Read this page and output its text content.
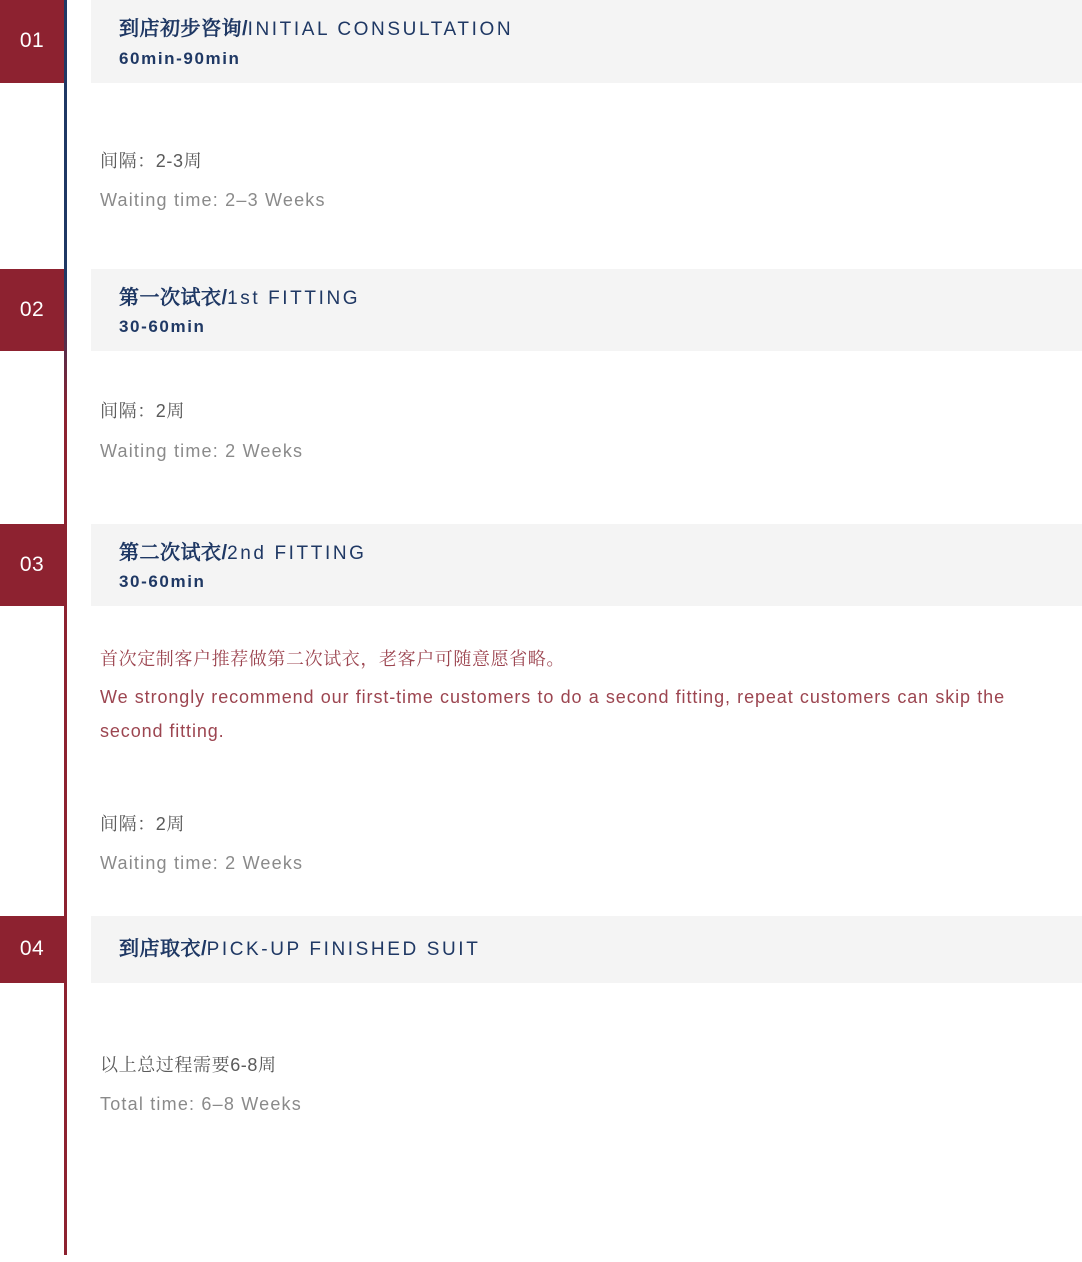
01
到店初步咨询/INITIAL CONSULTATION
60min-90min
间隔：2-3周
Waiting time: 2–3 Weeks
02
第一次试衣/1st FITTING
30-60min
间隔：2周
Waiting time: 2 Weeks
03
第二次试衣/2nd FITTING
30-60min
首次定制客户推荐做第二次试衣，老客户可随意愿省略。
We strongly recommend our first-time customers to do a second fitting, repeat customers can skip the second fitting.
间隔：2周
Waiting time: 2 Weeks
04	到店取衣/PICK-UP FINISHED SUIT
以上总过程需要6-8周
Total time: 6–8 Weeks
